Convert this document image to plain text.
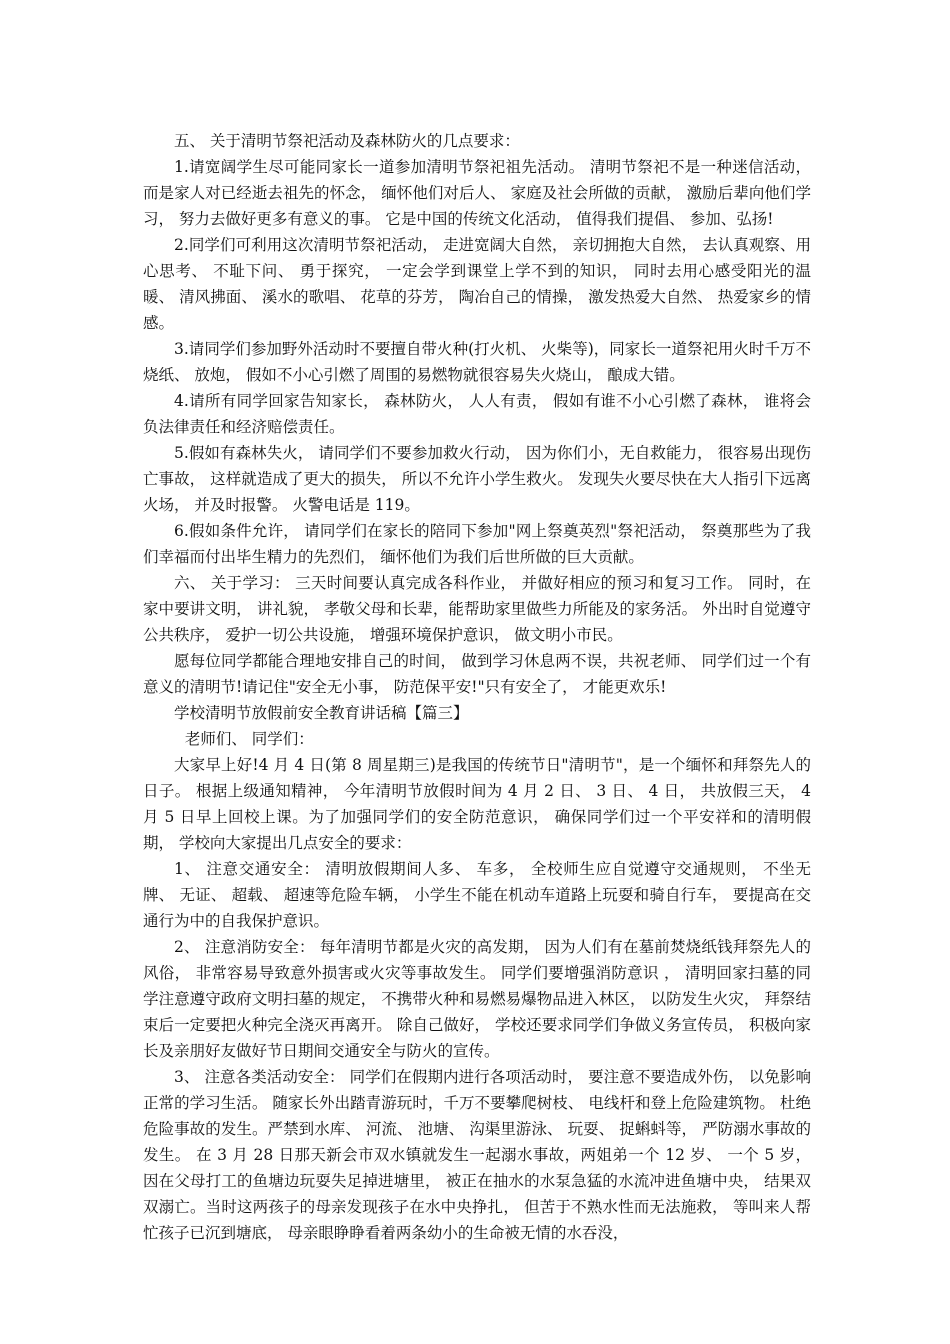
五、 关于清明节祭祀活动及森林防火的几点要求：

1.请宽阔学生尽可能同家长一道参加清明节祭祀祖先活动。 清明节祭祀不是一种迷信活动，而是家人对已经逝去祖先的怀念， 缅怀他们对后人、 家庭及社会所做的贡献， 激励后辈向他们学习， 努力去做好更多有意义的事。 它是中国的传统文化活动， 值得我们提倡、 参加、弘扬!

2.同学们可利用这次清明节祭祀活动， 走进宽阔大自然， 亲切拥抱大自然， 去认真观察、用心思考、 不耻下问、 勇于探究， 一定会学到课堂上学不到的知识， 同时去用心感受阳光的温暖、 清风拂面、 溪水的歌唱、 花草的芬芳， 陶冶自己的情操， 激发热爱大自然、 热爱家乡的情感。

3.请同学们参加野外活动时不要擅自带火种(打火机、 火柴等)，同家长一道祭祀用火时千万不烧纸、 放炮， 假如不小心引燃了周围的易燃物就很容易失火烧山， 酿成大错。

4.请所有同学回家告知家长， 森林防火， 人人有责， 假如有谁不小心引燃了森林， 谁将会负法律责任和经济赔偿责任。

5.假如有森林失火， 请同学们不要参加救火行动， 因为你们小，无自救能力， 很容易出现伤亡事故， 这样就造成了更大的损失， 所以不允许小学生救火。 发现失火要尽快在大人指引下远离火场， 并及时报警。 火警电话是 119。

6.假如条件允许， 请同学们在家长的陪同下参加"网上祭奠英烈"祭祀活动， 祭奠那些为了我们幸福而付出毕生精力的先烈们， 缅怀他们为我们后世所做的巨大贡献。

六、 关于学习： 三天时间要认真完成各科作业， 并做好相应的预习和复习工作。 同时，在家中要讲文明， 讲礼貌， 孝敬父母和长辈，能帮助家里做些力所能及的家务活。 外出时自觉遵守公共秩序， 爱护一切公共设施， 增强环境保护意识， 做文明小市民。

愿每位同学都能合理地安排自己的时间， 做到学习休息两不误，共祝老师、 同学们过一个有意义的清明节!请记住"安全无小事， 防范保平安!"只有安全了， 才能更欢乐!

学校清明节放假前安全教育讲话稿【篇三】

老师们、 同学们：

大家早上好!4 月 4 日(第 8 周星期三)是我国的传统节日"清明节"，是一个缅怀和拜祭先人的日子。 根据上级通知精神， 今年清明节放假时间为 4 月 2 日、 3 日、 4 日， 共放假三天， 4 月 5 日早上回校上课。为了加强同学们的安全防范意识， 确保同学们过一个平安祥和的清明假期， 学校向大家提出几点安全的要求：

1、 注意交通安全： 清明放假期间人多、 车多， 全校师生应自觉遵守交通规则， 不坐无牌、 无证、 超载、 超速等危险车辆， 小学生不能在机动车道路上玩耍和骑自行车， 要提高在交通行为中的自我保护意识。

2、 注意消防安全： 每年清明节都是火灾的高发期， 因为人们有在墓前焚烧纸钱拜祭先人的风俗， 非常容易导致意外损害或火灾等事故发生。 同学们要增强消防意识 ， 清明回家扫墓的同学注意遵守政府文明扫墓的规定， 不携带火种和易燃易爆物品进入林区， 以防发生火灾， 拜祭结束后一定要把火种完全浇灭再离开。 除自己做好， 学校还要求同学们争做义务宣传员， 积极向家长及亲朋好友做好节日期间交通安全与防火的宣传。

3、 注意各类活动安全： 同学们在假期内进行各项活动时， 要注意不要造成外伤， 以免影响正常的学习生活。 随家长外出踏青游玩时，千万不要攀爬树枝、 电线杆和登上危险建筑物。 杜绝危险事故的发生。严禁到水库、 河流、 池塘、 沟渠里游泳、 玩耍、 捉蝌蚪等， 严防溺水事故的发生。 在 3 月 28 日那天新会市双水镇就发生一起溺水事故，两姐弟一个 12 岁、 一个 5 岁， 因在父母打工的鱼塘边玩耍失足掉进塘里， 被正在抽水的水泵急猛的水流冲进鱼塘中央， 结果双双溺亡。当时这两孩子的母亲发现孩子在水中央挣扎， 但苦于不熟水性而无法施救， 等叫来人帮忙孩子已沉到塘底， 母亲眼睁睁看着两条幼小的生命被无情的水吞没，
